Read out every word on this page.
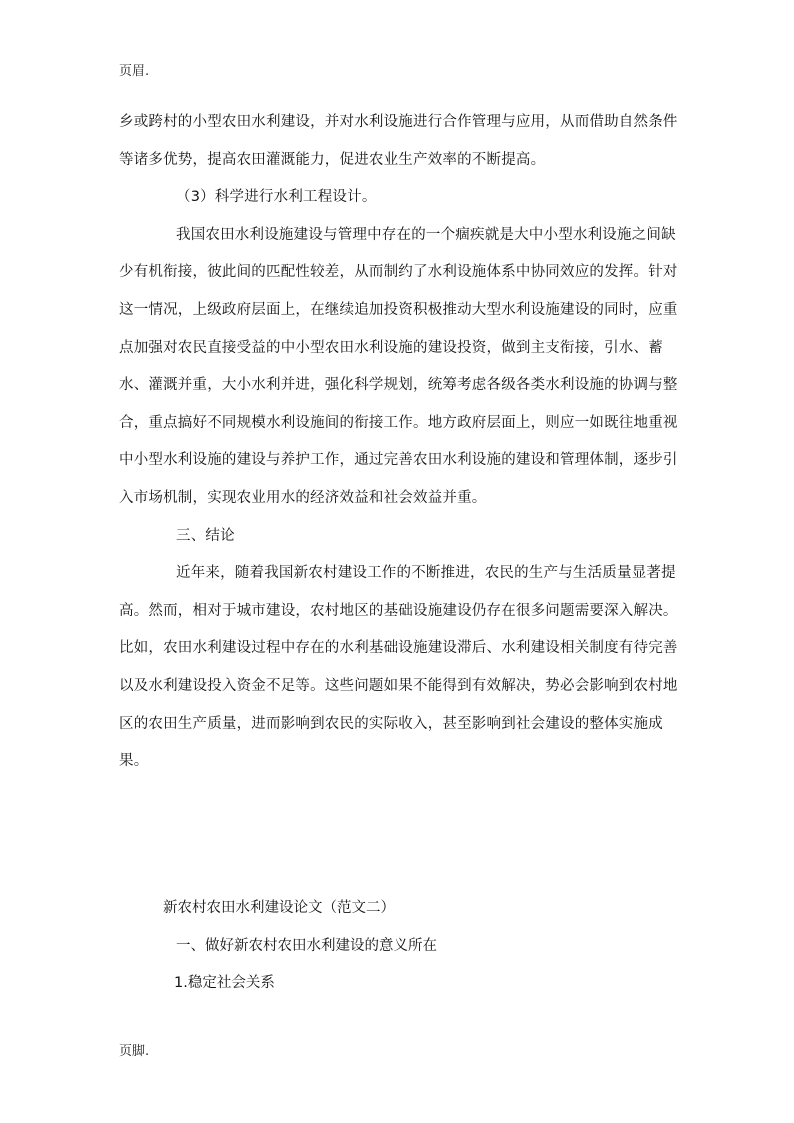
页眉.

乡或跨村的小型农田水利建设，并对水利设施进行合作管理与应用，从而借助自然条件等诸多优势，提高农田灌溉能力，促进农业生产效率的不断提高。

（3）科学进行水利工程设计。

我国农田水利设施建设与管理中存在的一个痼疾就是大中小型水利设施之间缺少有机衔接，彼此间的匹配性较差，从而制约了水利设施体系中协同效应的发挥。针对这一情况，上级政府层面上，在继续追加投资积极推动大型水利设施建设的同时，应重点加强对农民直接受益的中小型农田水利设施的建设投资，做到主支衔接，引水、蓄水、灌溉并重，大小水利并进，强化科学规划，统筹考虑各级各类水利设施的协调与整合，重点搞好不同规模水利设施间的衔接工作。地方政府层面上，则应一如既往地重视中小型水利设施的建设与养护工作，通过完善农田水利设施的建设和管理体制，逐步引入市场机制，实现农业用水的经济效益和社会效益并重。

三、结论

近年来，随着我国新农村建设工作的不断推进，农民的生产与生活质量显著提高。然而，相对于城市建设，农村地区的基础设施建设仍存在很多问题需要深入解决。比如，农田水利建设过程中存在的水利基础设施建设滞后、水利建设相关制度有待完善以及水利建设投入资金不足等。这些问题如果不能得到有效解决，势必会影响到农村地区的农田生产质量，进而影响到农民的实际收入，甚至影响到社会建设的整体实施成果。

新农村农田水利建设论文（范文二）

一、做好新农村农田水利建设的意义所在

1.稳定社会关系

页脚.
